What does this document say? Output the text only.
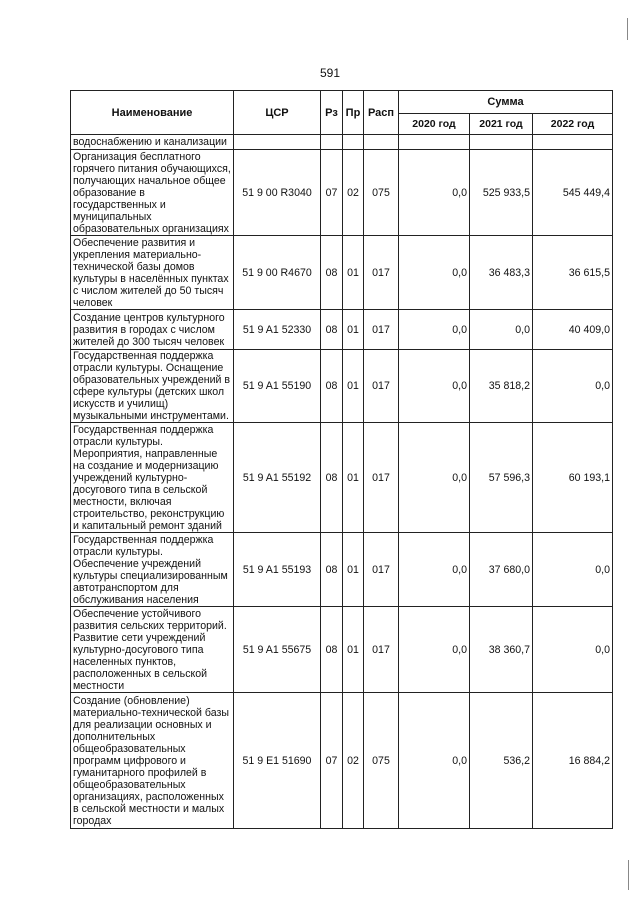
591
Наименование	ЦСР	Рз	Пр	Расп	Сумма		
					2020 год	2021 год	2022 год
водоснабжению и канализации							
Организация бесплатного горячего питания обучающихся, получающих начальное общее образование в государственных и муниципальных образовательных организациях	51 9 00 R3040	07	02	075	0,0	525 933,5	545 449,4
Обеспечение развития и укрепления материально-технической базы домов культуры в населённых пунктах с числом жителей до 50 тысяч человек	51 9 00 R4670	08	01	017	0,0	36 483,3	36 615,5
Создание центров культурного развития в городах с числом жителей до 300 тысяч человек	51 9 A1 52330	08	01	017	0,0	0,0	40 409,0
Государственная поддержка отрасли культуры. Оснащение образовательных учреждений в сфере культуры (детских школ искусств и училищ) музыкальными инструментами.	51 9 A1 55190	08	01	017	0,0	35 818,2	0,0
Государственная поддержка отрасли культуры. Мероприятия, направленные на создание и модернизацию учреждений культурно-досугового типа в сельской местности, включая строительство, реконструкцию и капитальный ремонт зданий	51 9 A1 55192	08	01	017	0,0	57 596,3	60 193,1
Государственная поддержка отрасли культуры. Обеспечение учреждений культуры специализированным автотранспортом для обслуживания населения	51 9 A1 55193	08	01	017	0,0	37 680,0	0,0
Обеспечение устойчивого развития сельских территорий. Развитие сети учреждений культурно-досугового типа населенных пунктов, расположенных в сельской местности	51 9 A1 55675	08	01	017	0,0	38 360,7	0,0
Создание (обновление) материально-технической базы для реализации основных и дополнительных общеобразовательных программ цифрового и гуманитарного профилей в общеобразовательных организациях, расположенных в сельской местности и малых городах	51 9 E1 51690	07	02	075	0,0	536,2	16 884,2
